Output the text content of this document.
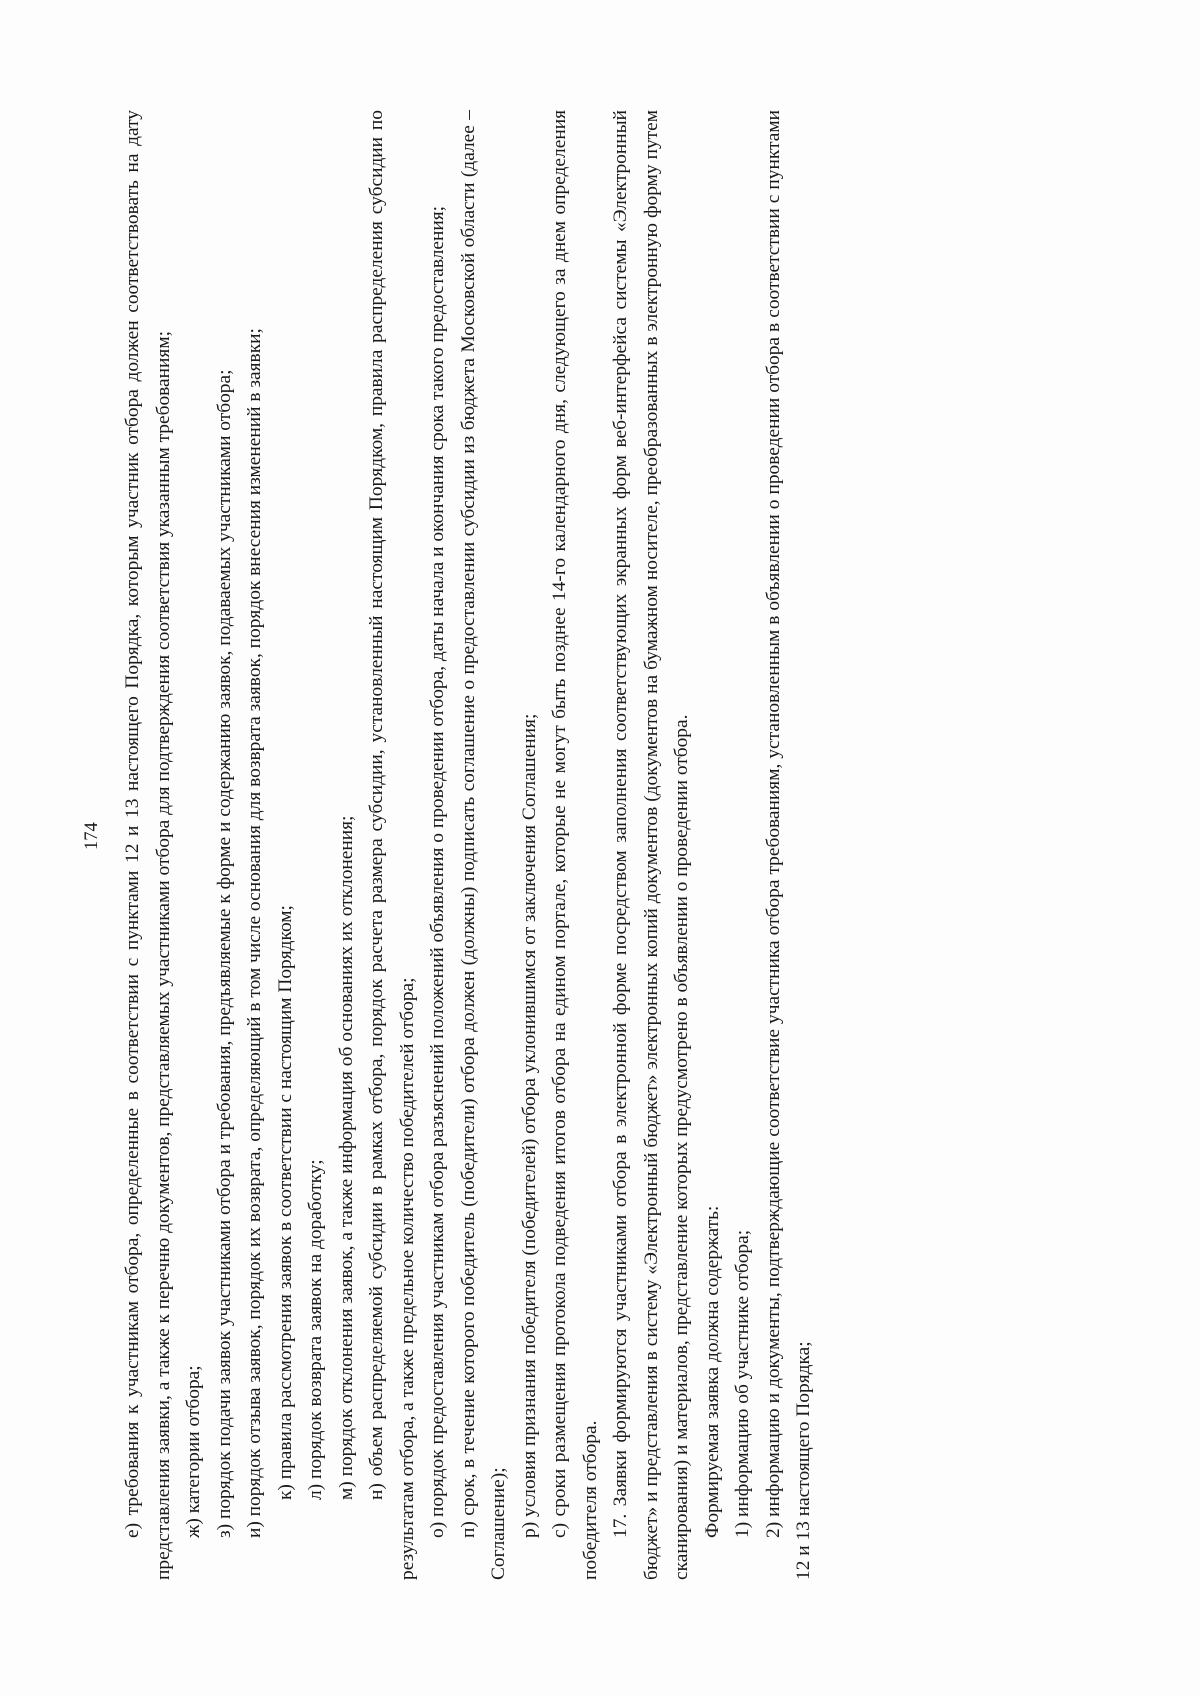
174 е) требования к участникам отбора, определенные в соответствии с пунктами 12 и 13 настоящего Порядка, которым участник отбора должен соответствовать на дату представления заявки, а также к перечню документов, представляемых участниками отбора для подтверждения соответствия указанным требованиям; ж) категории отбора; з) порядок подачи заявок участниками отбора и требования, предъявляемые к форме и содержанию заявок, подаваемых участниками отбора; и) порядок отзыва заявок, порядок их возврата, определяющий в том числе основания для возврата заявок, порядок внесения изменений в заявки; к) правила рассмотрения заявок в соответствии с настоящим Порядком; л) порядок возврата заявок на доработку; м) порядок отклонения заявок, а также информация об основаниях их отклонения; н) объем распределяемой субсидии в рамках отбора, порядок расчета размера субсидии, установленный настоящим Порядком, правила распределения субсидии по результатам отбора, а также предельное количество победителей отбора; о) порядок предоставления участникам отбора разъяснений положений объявления о проведении отбора, даты начала и окончания срока такого предоставления; п) срок, в течение которого победитель (победители) отбора должен (должны) подписать соглашение о предоставлении субсидии из бюджета Московской области (далее – Соглашение); р) условия признания победителя (победителей) отбора уклонившимся от заключения Соглашения; с) сроки размещения протокола подведения итогов отбора на едином портале, которые не могут быть позднее 14-го календарного дня, следующего за днем определения победителя отбора. 17. Заявки формируются участниками отбора в электронной форме посредством заполнения соответствующих экранных форм веб-интерфейса системы «Электронный бюджет» и представления в систему «Электронный бюджет» электронных копий документов (документов на бумажном носителе, преобразованных в электронную форму путем сканирования) и материалов, представление которых предусмотрено в объявлении о проведении отбора. Формируемая заявка должна содержать: 1) информацию об участнике отбора; 2) информацию и документы, подтверждающие соответствие участника отбора требованиям, установленным в объявлении о проведении отбора в соответствии с пунктами 12 и 13 настоящего Порядка;
